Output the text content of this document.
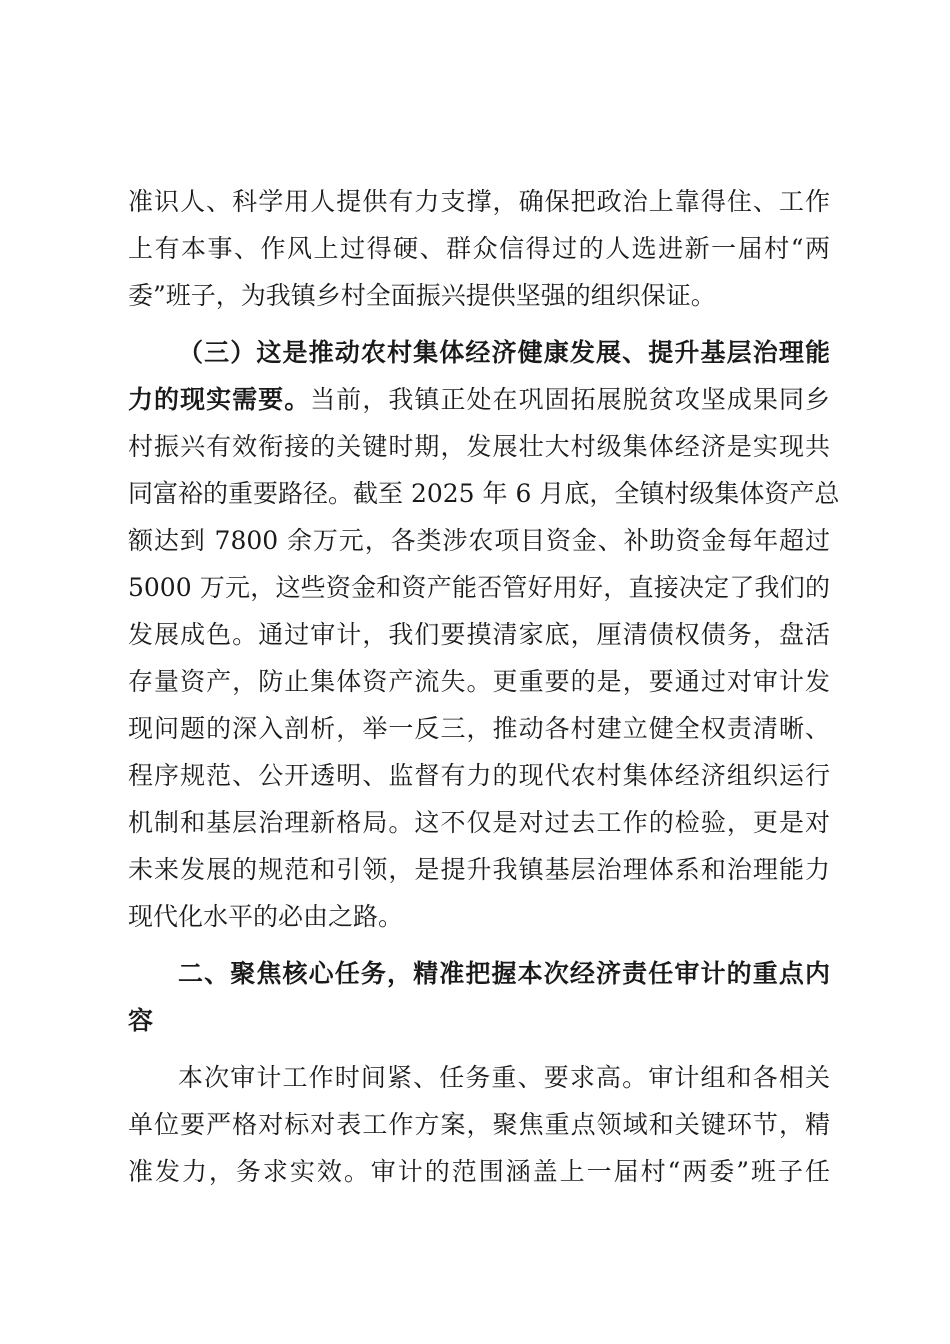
准识人、科学用人提供有力支撑，确保把政治上靠得住、工作
上有本事、作风上过得硬、群众信得过的人选进新一届村“两
委”班子，为我镇乡村全面振兴提供坚强的组织保证。
（三）这是推动农村集体经济健康发展、提升基层治理能
力的现实需要。当前，我镇正处在巩固拓展脱贫攻坚成果同乡
村振兴有效衔接的关键时期，发展壮大村级集体经济是实现共
同富裕的重要路径。截至 2025 年 6 月底，全镇村级集体资产总
额达到 7800 余万元，各类涉农项目资金、补助资金每年超过
5000 万元，这些资金和资产能否管好用好，直接决定了我们的
发展成色。通过审计，我们要摸清家底，厘清债权债务，盘活
存量资产，防止集体资产流失。更重要的是，要通过对审计发
现问题的深入剖析，举一反三，推动各村建立健全权责清晰、
程序规范、公开透明、监督有力的现代农村集体经济组织运行
机制和基层治理新格局。这不仅是对过去工作的检验，更是对
未来发展的规范和引领，是提升我镇基层治理体系和治理能力
现代化水平的必由之路。
二、聚焦核心任务，精准把握本次经济责任审计的重点内
容
本次审计工作时间紧、任务重、要求高。审计组和各相关
单位要严格对标对表工作方案，聚焦重点领域和关键环节，精
准发力，务求实效。审计的范围涵盖上一届村“两委”班子任
